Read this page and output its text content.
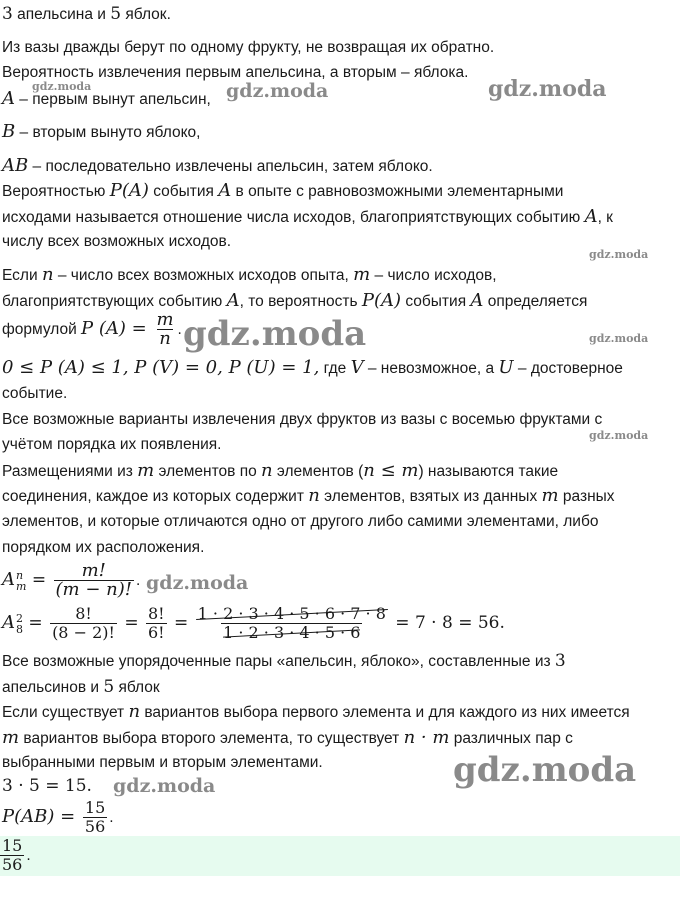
3 апельсина и 5 яблок.
Из вазы дважды берут по одному фрукту, не возвращая их обратно.
Вероятность извлечения первым апельсина, а вторым – яблока.
A – первым вынут апельсин,
B – вторым вынуто яблоко,
AB – последовательно извлечены апельсин, затем яблоко.
Вероятностью P(A) события A в опыте с равновозможными элементарными
исходами называется отношение числа исходов, благоприятствующих событию A, к
числу всех возможных исходов.
Если n – число всех возможных исходов опыта, m – число исходов,
благоприятствующих событию A, то вероятность P(A) события A определяется
формулой P $(A) = \frac{m}{n}$ .
0 ≤ P (A) ≤ 1, P (V) = 0, P (U) = 1, где V – невозможное, а U – достоверное
событие.
Все возможные варианты извлечения двух фруктов из вазы с восемью фруктами с
учётом порядка их появления.
Размещениями из m элементов по n элементов (n ≤ m) называются такие
соединения, каждое из которых содержит n элементов, взятых из данных m разных
элементов, и которые отличаются одно от другого либо самими элементами, либо
порядком их расположения.
A n
$m = \frac{m!}{(m - n)!}$ .
A 2
$8 = \frac{8!}{(8 - 2)!} = \frac{8!}{6!} = \frac{1 \cdot 2 \cdot 3 \cdot 4 \cdot 5 \cdot 6 \cdot 7 \cdot 8}{1 \cdot 2 \cdot 3 \cdot 4 \cdot 5 \cdot 6} = 7 \cdot 8 = 56$.
Все возможные упорядоченные пары «апельсин, яблоко», составленные из 3
апельсинов и 5 яблок
Если существует n вариантов выбора первого элемента и для каждого из них имеется
m вариантов выбора второго элемента, то существует n · m различных пар с
выбранными первым и вторым элементами.
3 · 5 = 15.
$P(AB) = \frac{15}{56}$ .
$\frac{15}{56}$ .
gdz.moda	gdz.moda	gdz.moda
gdz.moda
gdz.moda	gdz.moda
gdz.moda
gdz.moda
gdz.moda
gdz.moda
